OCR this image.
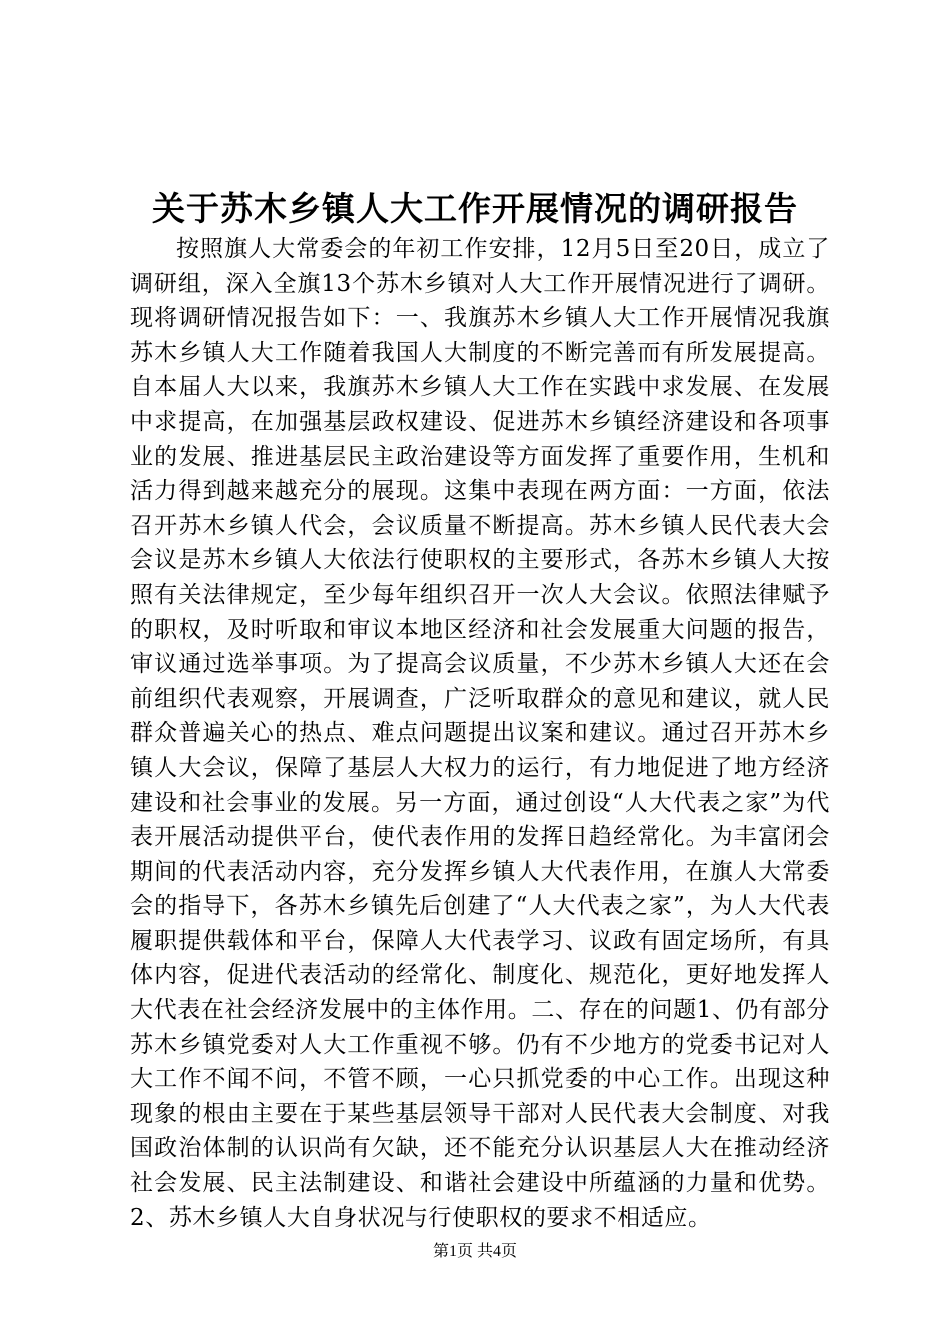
关于苏木乡镇人大工作开展情况的调研报告

按照旗人大常委会的年初工作安排，12月5日至20日，成立了调研组，深入全旗13个苏木乡镇对人大工作开展情况进行了调研。现将调研情况报告如下：一、我旗苏木乡镇人大工作开展情况我旗苏木乡镇人大工作随着我国人大制度的不断完善而有所发展提高。自本届人大以来，我旗苏木乡镇人大工作在实践中求发展、在发展中求提高，在加强基层政权建设、促进苏木乡镇经济建设和各项事业的发展、推进基层民主政治建设等方面发挥了重要作用，生机和活力得到越来越充分的展现。这集中表现在两方面：一方面，依法召开苏木乡镇人代会，会议质量不断提高。苏木乡镇人民代表大会会议是苏木乡镇人大依法行使职权的主要形式，各苏木乡镇人大按照有关法律规定，至少每年组织召开一次人大会议。依照法律赋予的职权，及时听取和审议本地区经济和社会发展重大问题的报告，审议通过选举事项。为了提高会议质量，不少苏木乡镇人大还在会前组织代表观察，开展调查，广泛听取群众的意见和建议，就人民群众普遍关心的热点、难点问题提出议案和建议。通过召开苏木乡镇人大会议，保障了基层人大权力的运行，有力地促进了地方经济建设和社会事业的发展。另一方面，通过创设“人大代表之家”为代表开展活动提供平台，使代表作用的发挥日趋经常化。为丰富闭会期间的代表活动内容，充分发挥乡镇人大代表作用，在旗人大常委会的指导下，各苏木乡镇先后创建了“人大代表之家”，为人大代表履职提供载体和平台，保障人大代表学习、议政有固定场所，有具体内容，促进代表活动的经常化、制度化、规范化，更好地发挥人大代表在社会经济发展中的主体作用。二、存在的问题1、仍有部分苏木乡镇党委对人大工作重视不够。仍有不少地方的党委书记对人大工作不闻不问，不管不顾，一心只抓党委的中心工作。出现这种现象的根由主要在于某些基层领导干部对人民代表大会制度、对我国政治体制的认识尚有欠缺，还不能充分认识基层人大在推动经济社会发展、民主法制建设、和谐社会建设中所蕴涵的力量和优势。2、苏木乡镇人大自身状况与行使职权的要求不相适应。

第1页 共4页
